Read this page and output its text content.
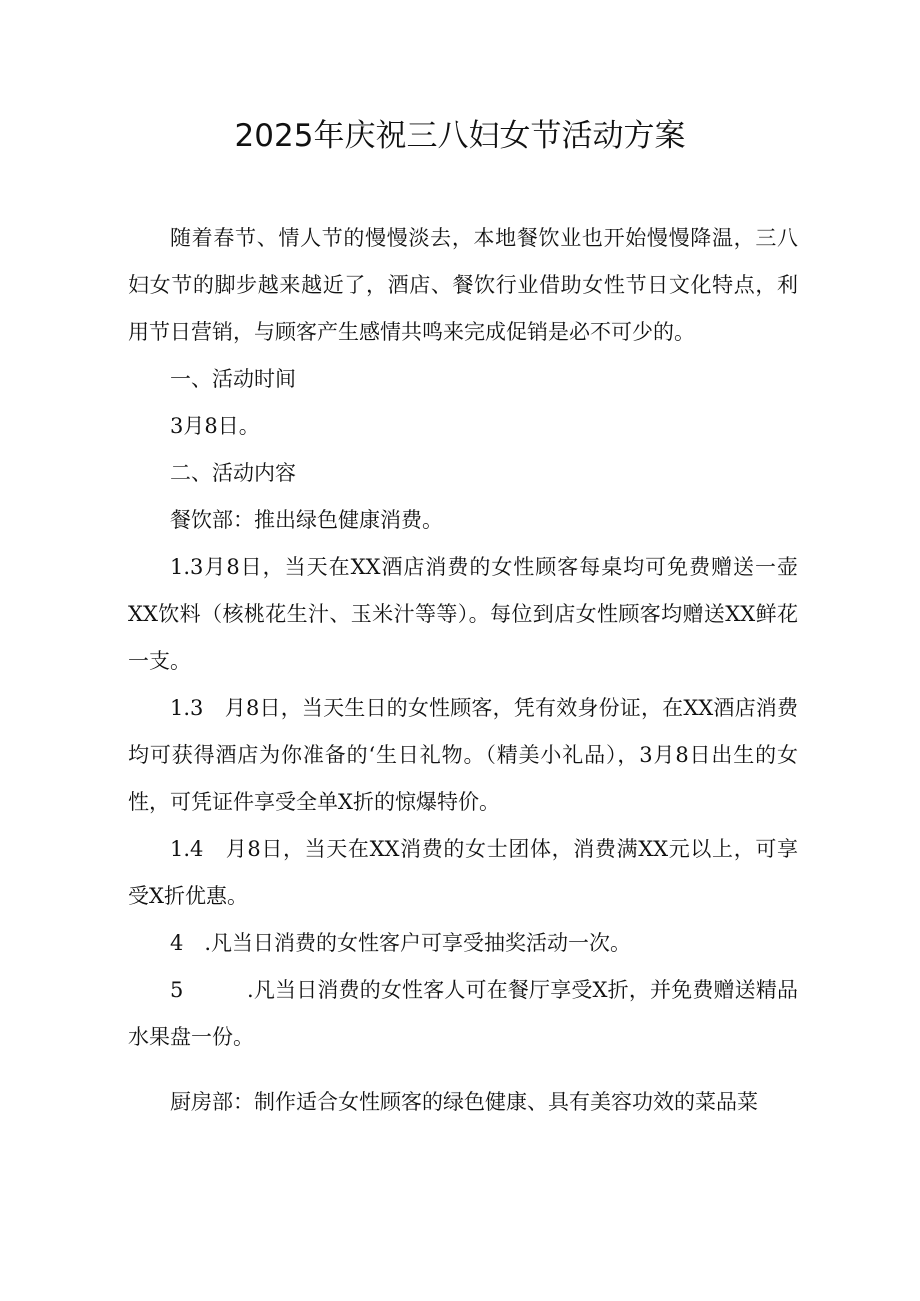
2025年庆祝三八妇女节活动方案

随着春节、情人节的慢慢淡去，本地餐饮业也开始慢慢降温，三八妇女节的脚步越来越近了，酒店、餐饮行业借助女性节日文化特点，利用节日营销，与顾客产生感情共鸣来完成促销是必不可少的。

一、活动时间

3月8日。

二、活动内容

餐饮部：推出绿色健康消费。

1.3月8日，当天在XX酒店消费的女性顾客每桌均可免费赠送一壶XX饮料（核桃花生汁、玉米汁等等）。每位到店女性顾客均赠送XX鲜花一支。

1.3　月8日，当天生日的女性顾客，凭有效身份证，在XX酒店消费均可获得酒店为你准备的‘生日礼物。（精美小礼品），3月8日出生的女性，可凭证件享受全单X折的惊爆特价。

1.4　月8日，当天在XX消费的女士团体，消费满XX元以上，可享受X折优惠。

4　.凡当日消费的女性客户可享受抽奖活动一次。

5　　　.凡当日消费的女性客人可在餐厅享受X折，并免费赠送精品水果盘一份。

厨房部：制作适合女性顾客的绿色健康、具有美容功效的菜品菜
